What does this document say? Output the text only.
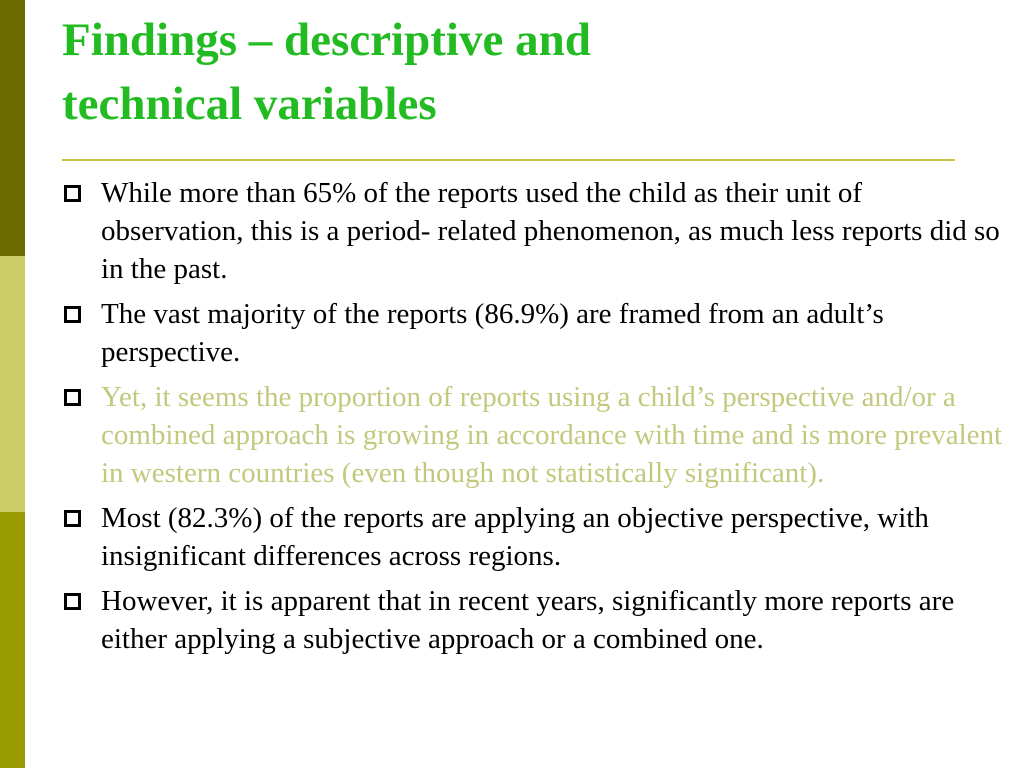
Findings – descriptive and
technical variables
While more than 65% of the reports used the child as their unit of observation, this is a period- related phenomenon, as much less reports did so in the past.
The vast majority of the reports (86.9%) are framed from an adult’s perspective.
Yet, it seems the proportion of reports using a child’s perspective and/or a combined approach is growing in accordance with time and is more prevalent in western countries (even though not statistically significant).
Most (82.3%) of the reports are applying an objective perspective, with insignificant differences across regions.
However, it is apparent that in recent years, significantly more reports are either applying a subjective approach or a combined one.
